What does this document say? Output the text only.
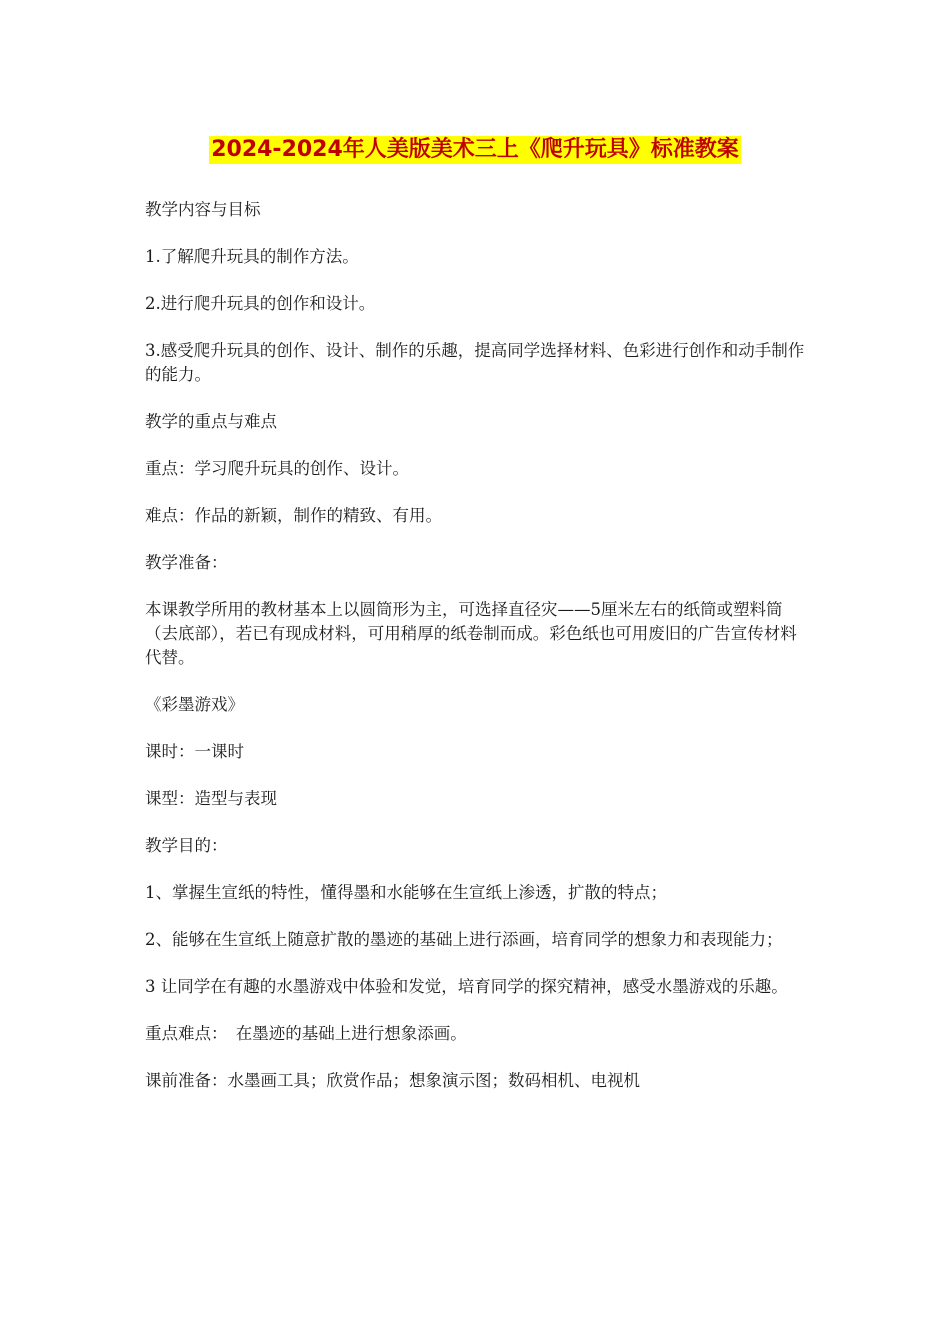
2024-2024年人美版美术三上《爬升玩具》标准教案

教学内容与目标

1.了解爬升玩具的制作方法。

2.进行爬升玩具的创作和设计。

3.感受爬升玩具的创作、设计、制作的乐趣，提高同学选择材料、色彩进行创作和动手制作的能力。

教学的重点与难点

重点：学习爬升玩具的创作、设计。

难点：作品的新颖，制作的精致、有用。

教学准备：

本课教学所用的教材基本上以圆筒形为主，可选择直径灾——5厘米左右的纸筒或塑料筒（去底部），若已有现成材料，可用稍厚的纸卷制而成。彩色纸也可用废旧的广告宣传材料代替。

《彩墨游戏》

课时：一课时

课型：造型与表现

教学目的：

1、掌握生宣纸的特性，懂得墨和水能够在生宣纸上渗透，扩散的特点；

2、能够在生宣纸上随意扩散的墨迹的基础上进行添画，培育同学的想象力和表现能力；

3 让同学在有趣的水墨游戏中体验和发觉，培育同学的探究精神，感受水墨游戏的乐趣。

重点难点：　在墨迹的基础上进行想象添画。

课前准备：水墨画工具；欣赏作品；想象演示图；数码相机、电视机
